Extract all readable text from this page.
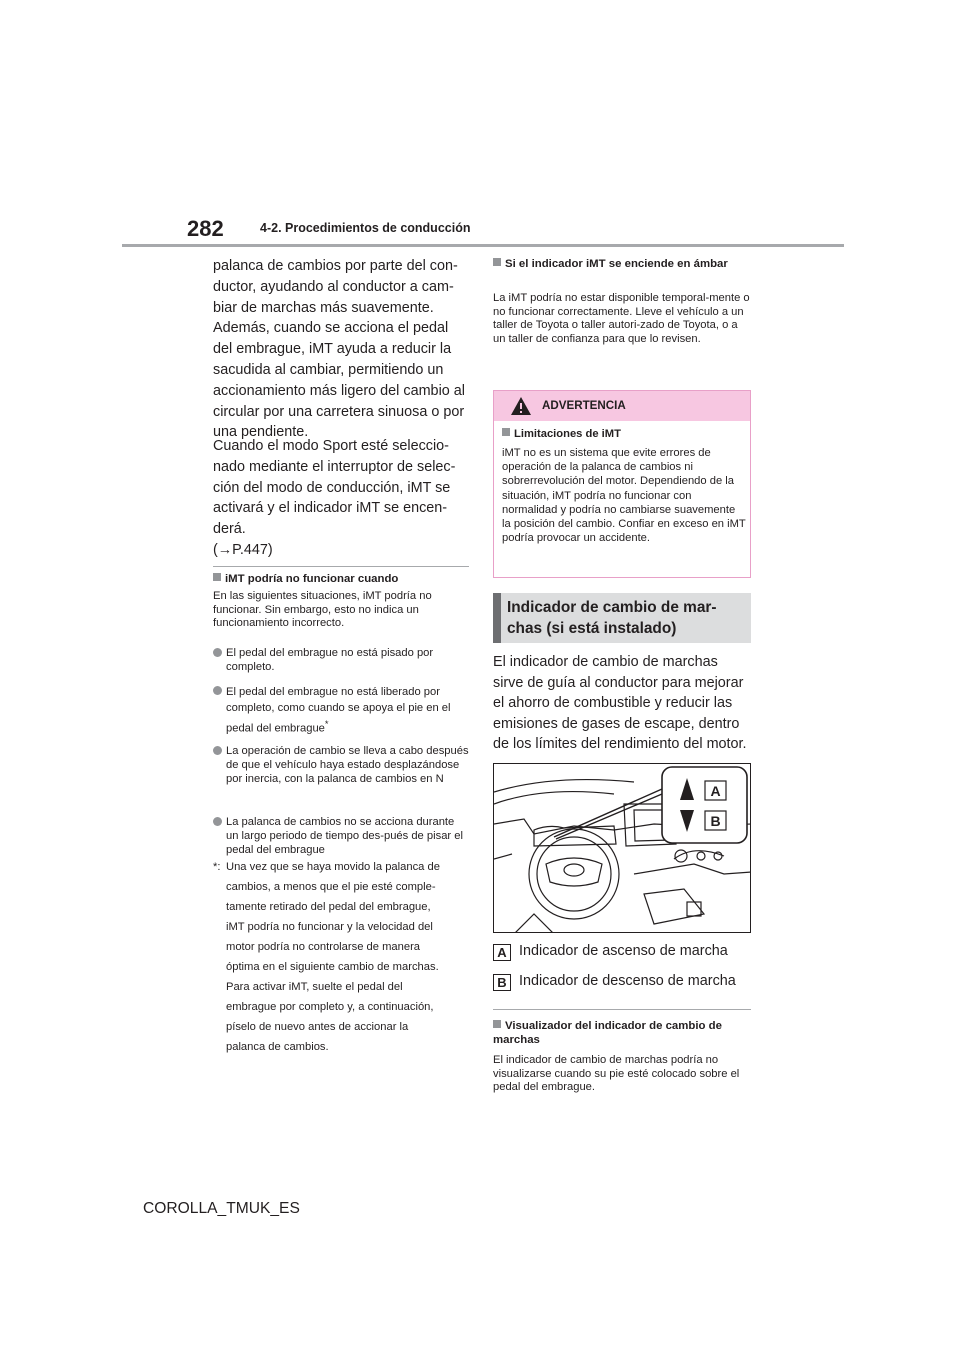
282	4-2. Procedimientos de conducción

palanca de cambios por parte del con-ductor, ayudando al conductor a cam-biar de marchas más suavemente. Además, cuando se acciona el pedal del embrague, iMT ayuda a reducir la sacudida al cambiar, permitiendo un accionamiento más ligero del cambio al circular por una carretera sinuosa o por una pendiente.

Cuando el modo Sport esté seleccio-nado mediante el interruptor de selec-ción del modo de conducción, iMT se activará y el indicador iMT se encen-derá.

(→P.447)

iMT podría no funcionar cuando

En las siguientes situaciones, iMT podría no funcionar. Sin embargo, esto no indica un funcionamiento incorrecto.

El pedal del embrague no está pisado por completo.
El pedal del embrague no está liberado por completo, como cuando se apoya el pie en el pedal del embrague*
La operación de cambio se lleva a cabo después de que el vehículo haya estado desplazándose por inercia, con la palanca de cambios en N
La palanca de cambios no se acciona durante un largo periodo de tiempo des-pués de pisar el pedal del embrague
*: Una vez que se haya movido la palanca de
cambios, a menos que el pie esté comple-
tamente retirado del pedal del embrague,
iMT podría no funcionar y la velocidad del
motor podría no controlarse de manera
óptima en el siguiente cambio de marchas.
Para activar iMT, suelte el pedal del
embrague por completo y, a continuación,
píselo de nuevo antes de accionar la
palanca de cambios.
Si el indicador iMT se enciende en ámbar

La iMT podría no estar disponible temporal-mente o no funcionar correctamente. Lleve el vehículo a un taller de Toyota o taller autori-zado de Toyota, o a un taller de confianza para que lo revisen.

ADVERTENCIA
Limitaciones de iMT

iMT no es un sistema que evite errores de operación de la palanca de cambios ni sobrerrevolución del motor. Dependiendo de la situación, iMT podría no funcionar con normalidad y podría no cambiarse suavemente la posición del cambio. Confiar en exceso en iMT podría provocar un accidente.

Indicador de cambio de mar-chas (si está instalado)

El indicador de cambio de marchas sirve de guía al conductor para mejorar el ahorro de combustible y reducir las emisiones de gases de escape, dentro de los límites del rendimiento del motor.

A
B
A Indicador de ascenso de marcha
B Indicador de descenso de marcha
Visualizador del indicador de cambio de marchas

El indicador de cambio de marchas podría no visualizarse cuando su pie esté colocado sobre el pedal del embrague.

COROLLA_TMUK_ES
